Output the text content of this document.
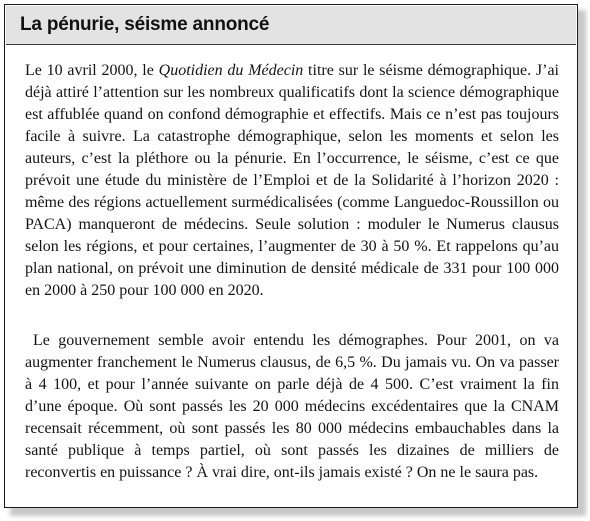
La pénurie, séisme annoncé

Le 10 avril 2000, le Quotidien du Médecin titre sur le séisme démographique. J’ai déjà attiré l’attention sur les nombreux qualificatifs dont la science démographique est affublée quand on confond démographie et effectifs. Mais ce n’est pas toujours facile à suivre. La catastrophe démographique, selon les moments et selon les auteurs, c’est la pléthore ou la pénurie. En l’occurrence, le séisme, c’est ce que prévoit une étude du ministère de l’Emploi et de la Solidarité à l’horizon 2020 : même des régions actuellement surmédicalisées (comme Languedoc-Roussillon ou PACA) manqueront de médecins. Seule solution : moduler le Numerus clausus selon les régions, et pour certaines, l’augmenter de 30 à 50 %. Et rappelons qu’au plan national, on prévoit une diminution de densité médicale de 331 pour 100 000 en 2000 à 250 pour 100 000 en 2020.

Le gouvernement semble avoir entendu les démographes. Pour 2001, on va augmenter franchement le Numerus clausus, de 6,5 %. Du jamais vu. On va passer à 4 100, et pour l’année suivante on parle déjà de 4 500. C’est vraiment la fin d’une époque. Où sont passés les 20 000 médecins excédentaires que la CNAM recensait récemment, où sont passés les 80 000 médecins embauchables dans la santé publique à temps partiel, où sont passés les dizaines de milliers de reconvertis en puissance ? À vrai dire, ont-ils jamais existé ? On ne le saura pas.
